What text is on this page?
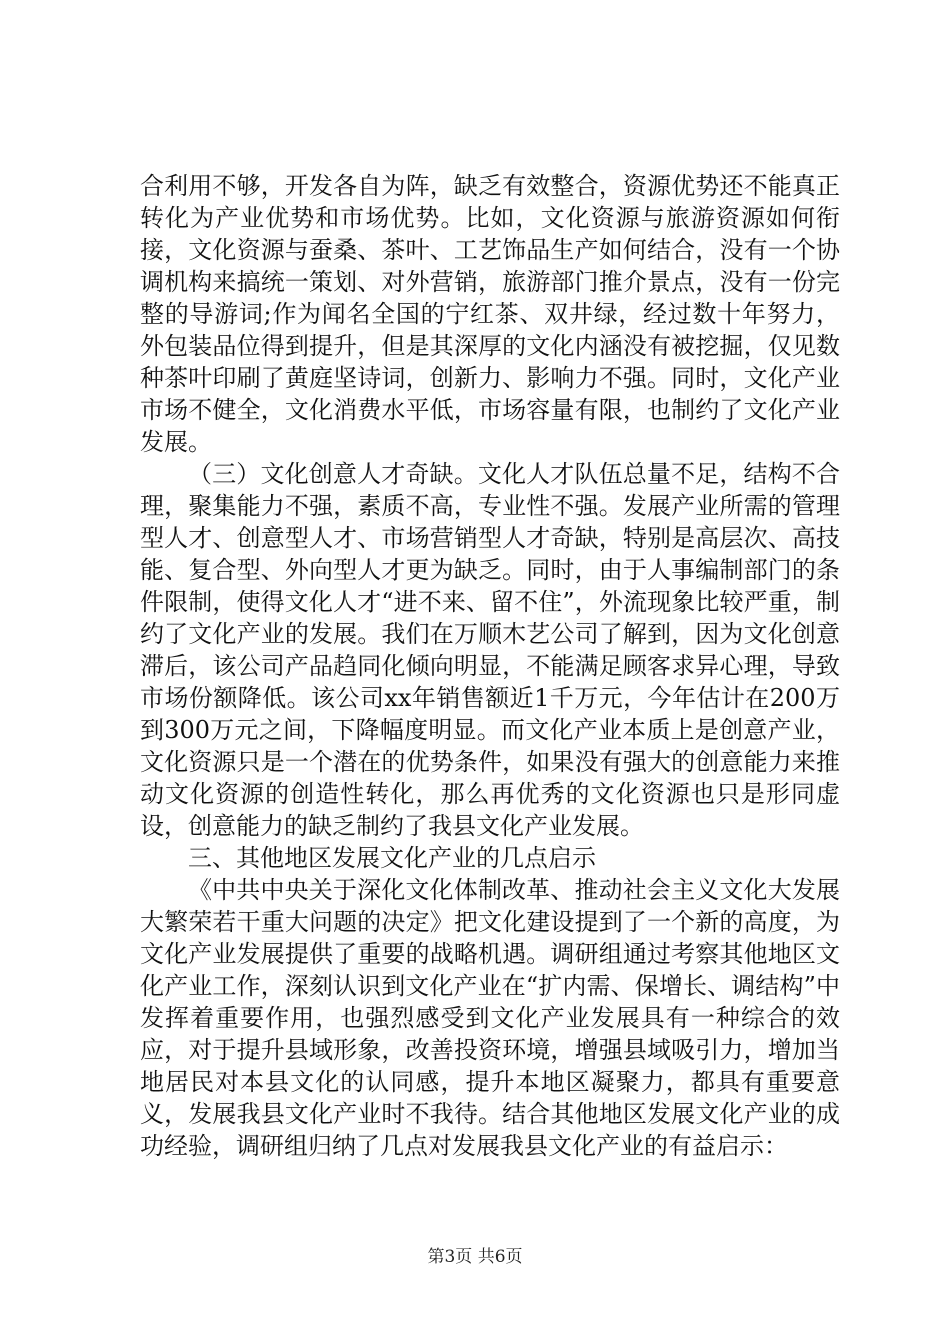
合利用不够，开发各自为阵，缺乏有效整合，资源优势还不能真正转化为产业优势和市场优势。比如，文化资源与旅游资源如何衔接，文化资源与蚕桑、茶叶、工艺饰品生产如何结合，没有一个协调机构来搞统一策划、对外营销，旅游部门推介景点，没有一份完整的导游词;作为闻名全国的宁红茶、双井绿，经过数十年努力，外包装品位得到提升，但是其深厚的文化内涵没有被挖掘，仅见数种茶叶印刷了黄庭坚诗词，创新力、影响力不强。同时，文化产业市场不健全，文化消费水平低，市场容量有限，也制约了文化产业发展。

（三）文化创意人才奇缺。文化人才队伍总量不足，结构不合理，聚集能力不强，素质不高，专业性不强。发展产业所需的管理型人才、创意型人才、市场营销型人才奇缺，特别是高层次、高技能、复合型、外向型人才更为缺乏。同时，由于人事编制部门的条件限制，使得文化人才“进不来、留不住”，外流现象比较严重，制约了文化产业的发展。我们在万顺木艺公司了解到，因为文化创意滞后，该公司产品趋同化倾向明显，不能满足顾客求异心理，导致市场份额降低。该公司xx年销售额近1千万元，今年估计在200万到300万元之间，下降幅度明显。而文化产业本质上是创意产业，文化资源只是一个潜在的优势条件，如果没有强大的创意能力来推动文化资源的创造性转化，那么再优秀的文化资源也只是形同虚设，创意能力的缺乏制约了我县文化产业发展。

三、其他地区发展文化产业的几点启示

《中共中央关于深化文化体制改革、推动社会主义文化大发展大繁荣若干重大问题的决定》把文化建设提到了一个新的高度，为文化产业发展提供了重要的战略机遇。调研组通过考察其他地区文化产业工作，深刻认识到文化产业在“扩内需、保增长、调结构”中发挥着重要作用，也强烈感受到文化产业发展具有一种综合的效应，对于提升县域形象，改善投资环境，增强县域吸引力，增加当地居民对本县文化的认同感，提升本地区凝聚力，都具有重要意义，发展我县文化产业时不我待。结合其他地区发展文化产业的成功经验，调研组归纳了几点对发展我县文化产业的有益启示：

第3页 共6页
